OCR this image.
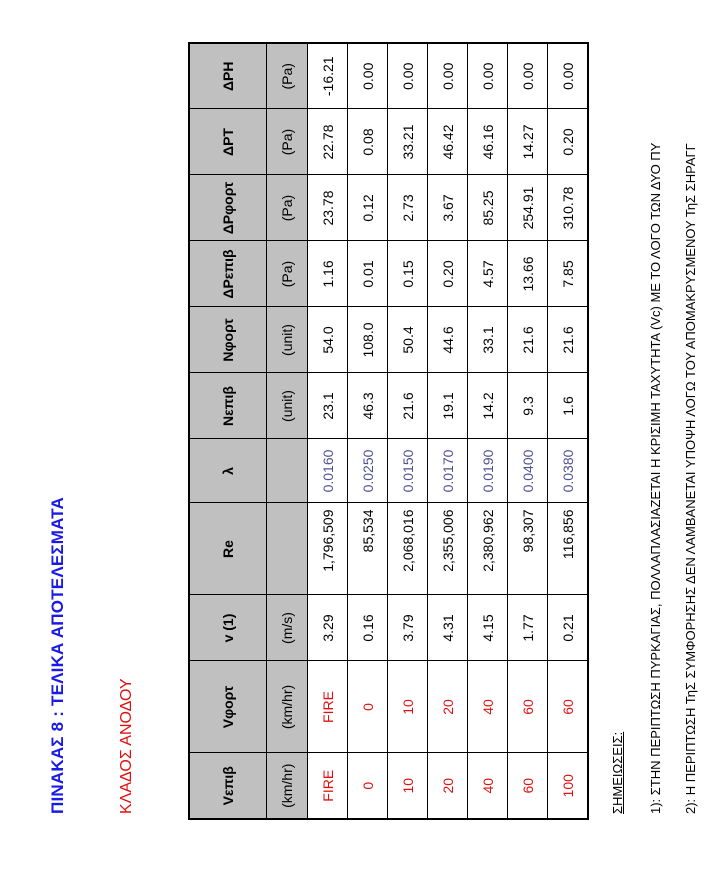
ΠΙΝΑΚΑΣ 8 : ΤΕΛΙΚΑ ΑΠΟΤΕΛΕΣΜΑΤΑ	ΚΛΑΔΟΣ ΑΝΟΔΟΥ	Vεπιβ	Vφορτ	v (1)	Re	λ	Νεπιβ	Νφορτ	ΔΡεπιβ	ΔΡφορτ	ΔΡΤ	ΔΡΗ
(km/hr)	(km/hr)	(m/s)			(unit)	(unit)	(Pa)	(Pa)	(Pa)	(Pa)
FIRE	FIRE	3.29	1,796,509	0.0160	23.1	54.0	1.16	23.78	22.78	-16.21
0	0	0.16	85,534	0.0250	46.3	108.0	0.01	0.12	0.08	0.00
10	10	3.79	2,068,016	0.0150	21.6	50.4	0.15	2.73	33.21	0.00
20	20	4.31	2,355,006	0.0170	19.1	44.6	0.20	3.67	46.42	0.00
40	40	4.15	2,380,962	0.0190	14.2	33.1	4.57	85.25	46.16	0.00
60	60	1.77	98,307	0.0400	9.3	21.6	13.66	254.91	14.27	0.00
100	60	0.21	116,856	0.0380	1.6	21.6	7.85	310.78	0.20	0.00
ΣΗΜΕΙΩΣΕΙΣ: 1): ΣΤΗΝ ΠΕΡΙΠΤΩΣΗ ΠΥΡΚΑΓΙΑΣ, ΠΟΛΛΑΠΛΑΣΙΑΖΕΤΑΙ Η ΚΡΙΣΙΜΗ ΤΑΧΥΤΗΤΑ (Vc) ΜΕ ΤΟ ΛΟΓΟ ΤΩΝ ΔΥΟ ΠΥ 2): Η ΠΕΡΙΠΤΩΣΗ ΤηΣ ΣΥΜΦΟΡΗΣΗΣ ΔΕΝ ΛΑΜΒΑΝΕΤΑΙ ΥΠΟΨΗ ΛΟΓΩ ΤΟΥ ΑΠΟΜΑΚΡΥΣΜΕΝΟΥ ΤηΣ ΣΗΡΑΓΓ
